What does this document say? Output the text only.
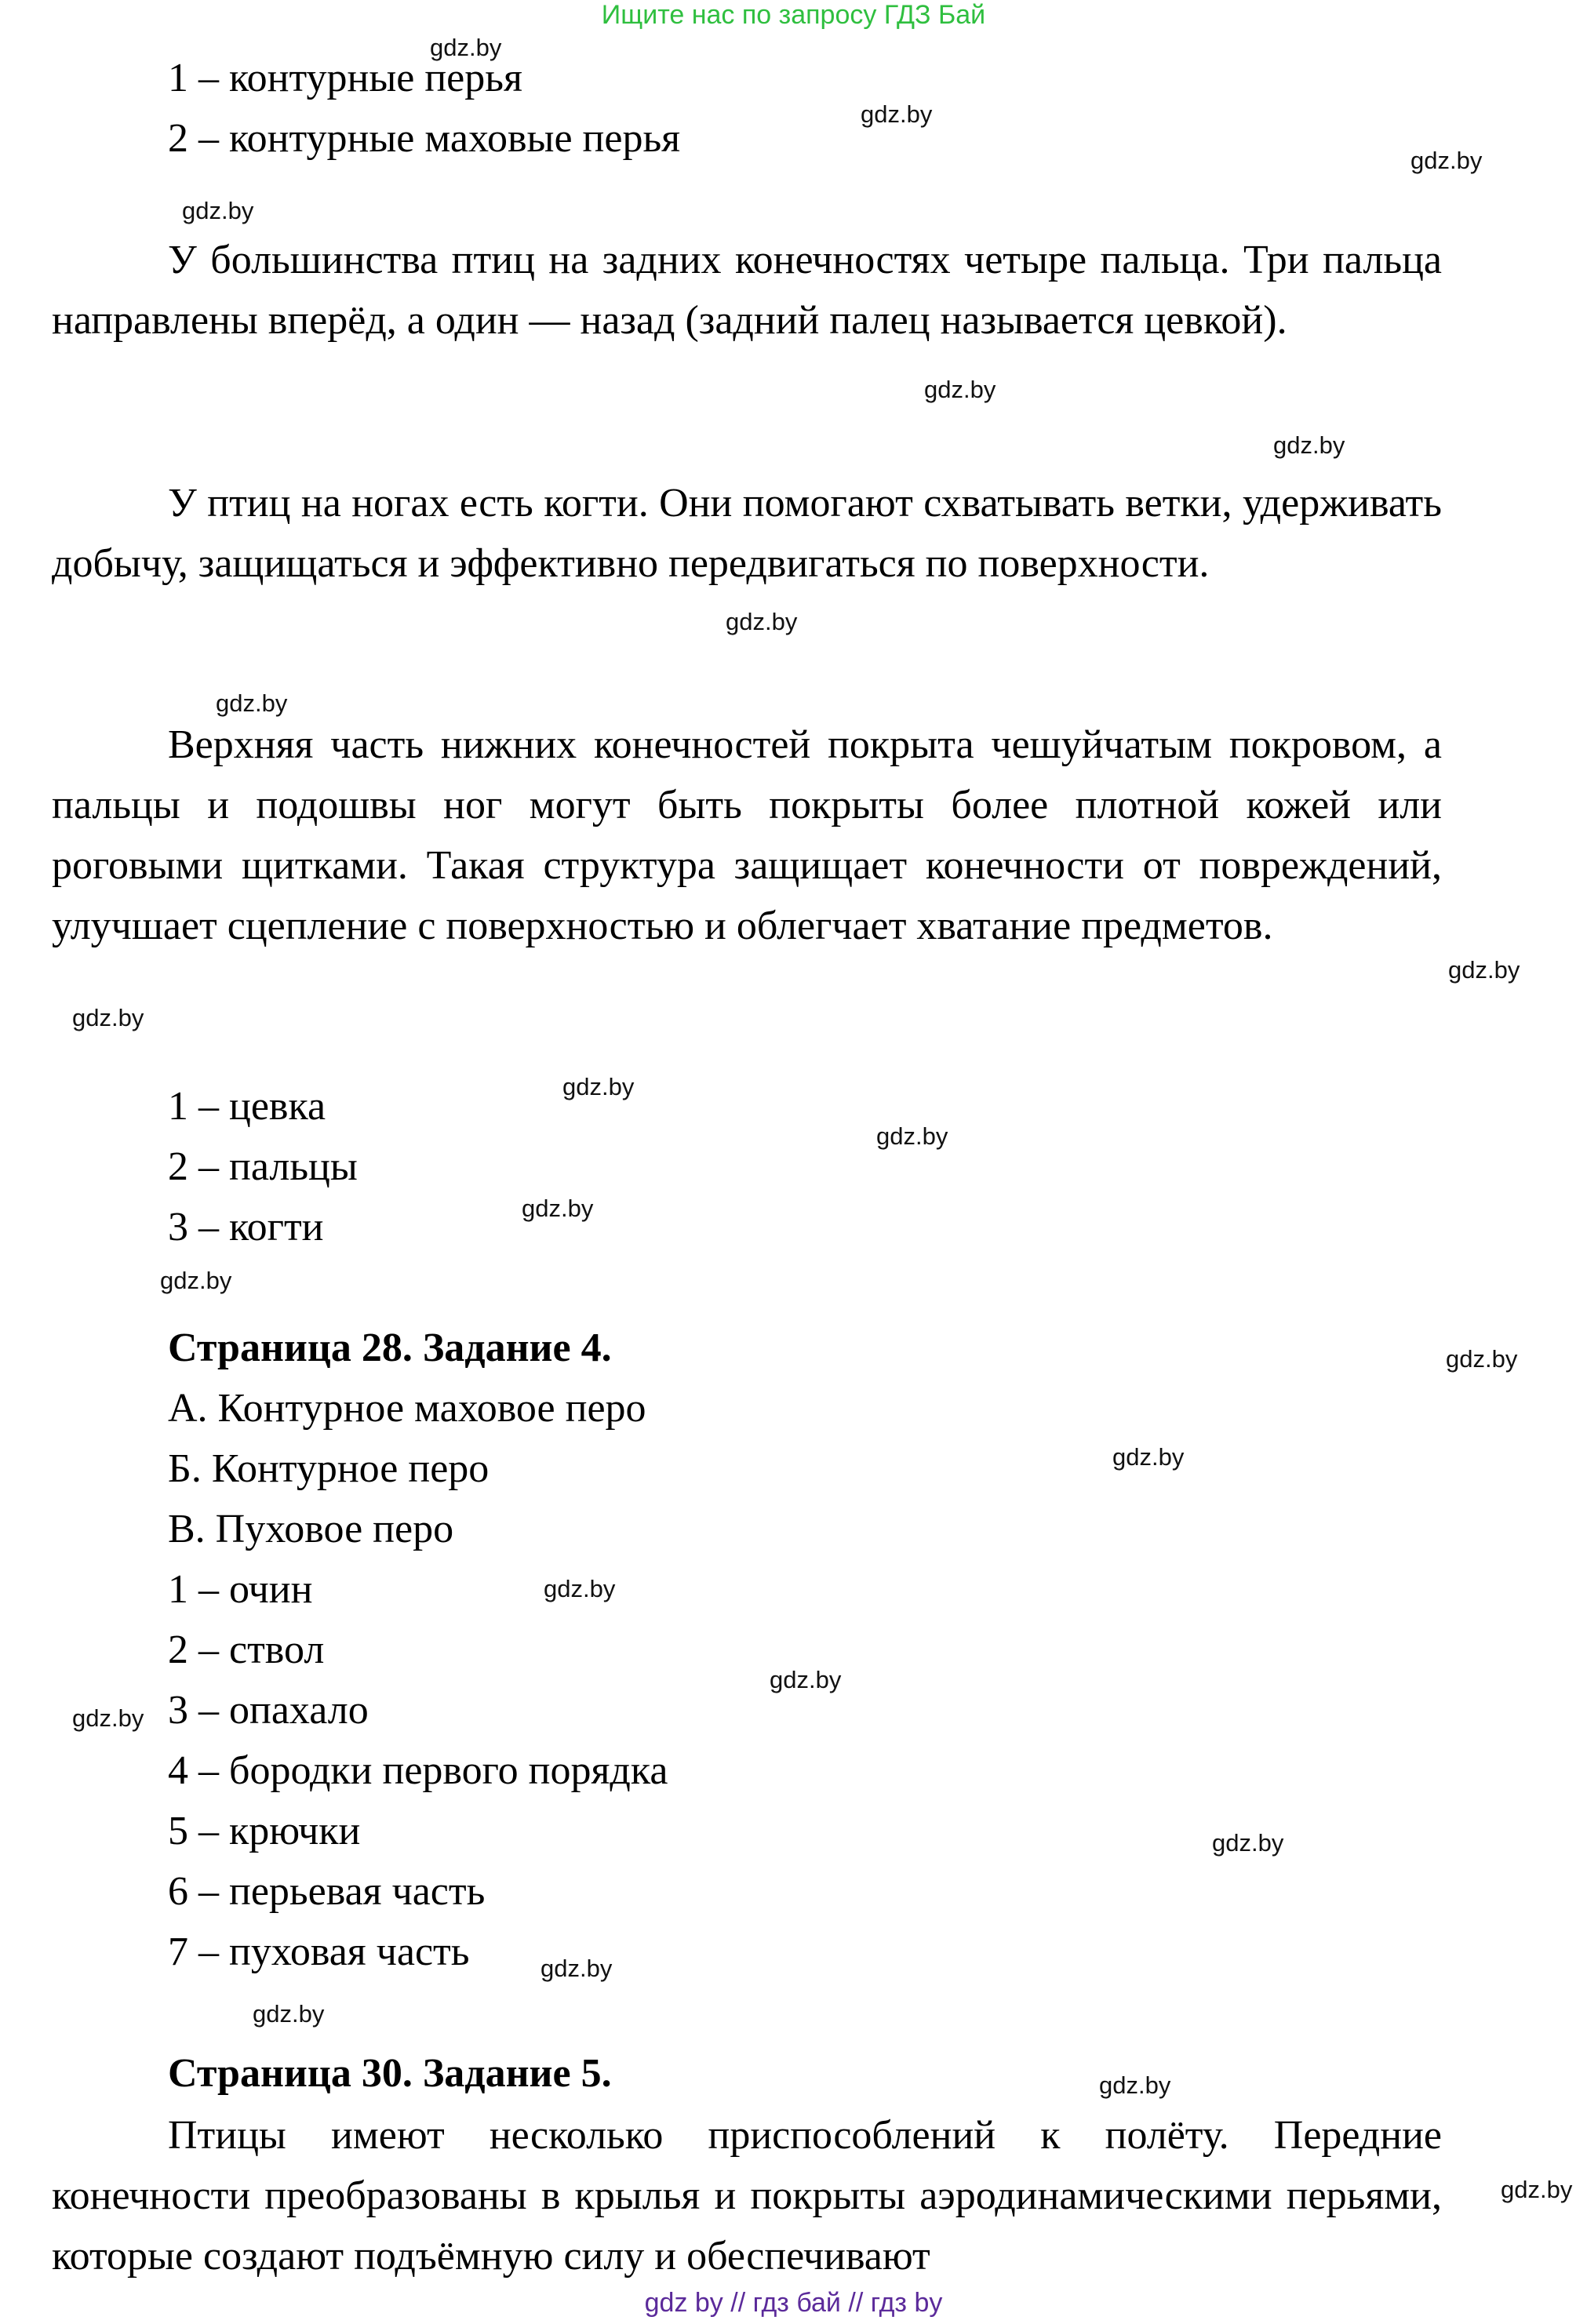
Ищите нас по запросу ГДЗ Бай
1 – контурные перья
2 – контурные маховые перья
У большинства птиц на задних конечностях четыре пальца. Три пальца направлены вперёд, а один — назад (задний палец называется цевкой).
У птиц на ногах есть когти. Они помогают схватывать ветки, удерживать добычу, защищаться и эффективно передвигаться по поверхности.
Верхняя часть нижних конечностей покрыта чешуйчатым покровом, а пальцы и подошвы ног могут быть покрыты более плотной кожей или роговыми щитками. Такая структура защищает конечности от повреждений, улучшает сцепление с поверхностью и облегчает хватание предметов.
1 – цевка
2 – пальцы
3 – когти
Страница 28. Задание 4.
А. Контурное маховое перо
Б. Контурное перо
В. Пуховое перо
1 – очин
2 – ствол
3 – опахало
4 – бородки первого порядка
5 – крючки
6 – перьевая часть
7 – пуховая часть
Страница 30. Задание 5.
Птицы имеют несколько приспособлений к полёту. Передние конечности преобразованы в крылья и покрыты аэродинамическими перьями, которые создают подъёмную силу и обеспечивают
gdz.by
gdz.by
gdz.by
gdz.by
gdz.by
gdz.by
gdz.by
gdz.by
gdz.by
gdz.by
gdz.by
gdz.by
gdz.by
gdz.by
gdz.by
gdz.by
gdz.by
gdz.by
gdz.by
gdz.by
gdz.by
gdz.by
gdz.by
gdz.by
gdz by // гдз бай // гдз by
